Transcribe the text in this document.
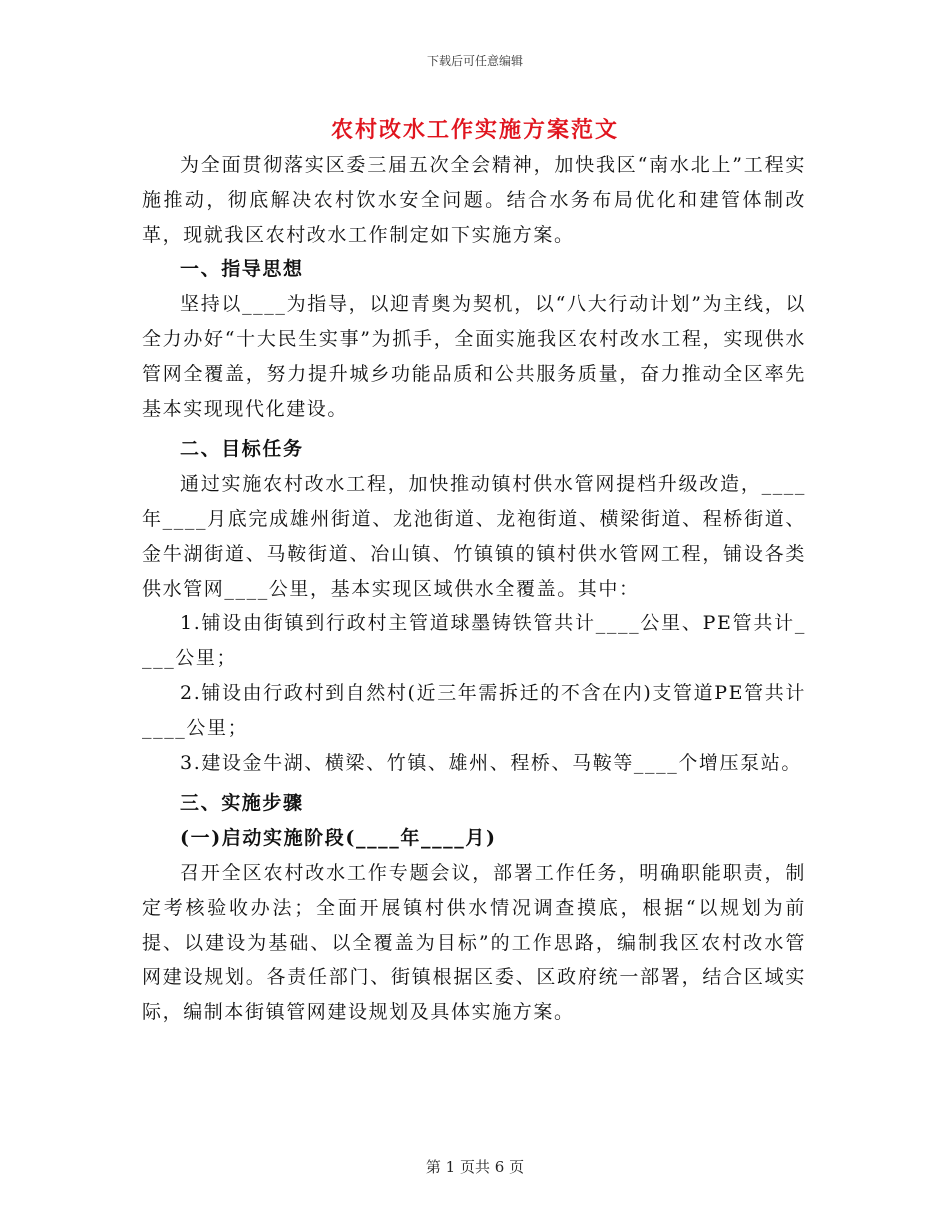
下载后可任意编辑
农村改水工作实施方案范文

为全面贯彻落实区委三届五次全会精神，加快我区“南水北上”工程实施推动，彻底解决农村饮水安全问题。结合水务布局优化和建管体制改革，现就我区农村改水工作制定如下实施方案。

一、指导思想

坚持以____为指导，以迎青奥为契机，以“八大行动计划”为主线，以全力办好“十大民生实事”为抓手，全面实施我区农村改水工程，实现供水管网全覆盖，努力提升城乡功能品质和公共服务质量，奋力推动全区率先基本实现现代化建设。

二、目标任务

通过实施农村改水工程，加快推动镇村供水管网提档升级改造，____年____月底完成雄州街道、龙池街道、龙袍街道、横梁街道、程桥街道、金牛湖街道、马鞍街道、冶山镇、竹镇镇的镇村供水管网工程，铺设各类供水管网____公里，基本实现区域供水全覆盖。其中：

1.铺设由街镇到行政村主管道球墨铸铁管共计____公里、PE管共计____公里；

2.铺设由行政村到自然村(近三年需拆迁的不含在内)支管道PE管共计____公里；

3.建设金牛湖、横梁、竹镇、雄州、程桥、马鞍等____个增压泵站。

三、实施步骤

(一)启动实施阶段(____年____月)

召开全区农村改水工作专题会议，部署工作任务，明确职能职责，制定考核验收办法；全面开展镇村供水情况调查摸底，根据“以规划为前提、以建设为基础、以全覆盖为目标”的工作思路，编制我区农村改水管网建设规划。各责任部门、街镇根据区委、区政府统一部署，结合区域实际，编制本街镇管网建设规划及具体实施方案。

第 1 页共 6 页
